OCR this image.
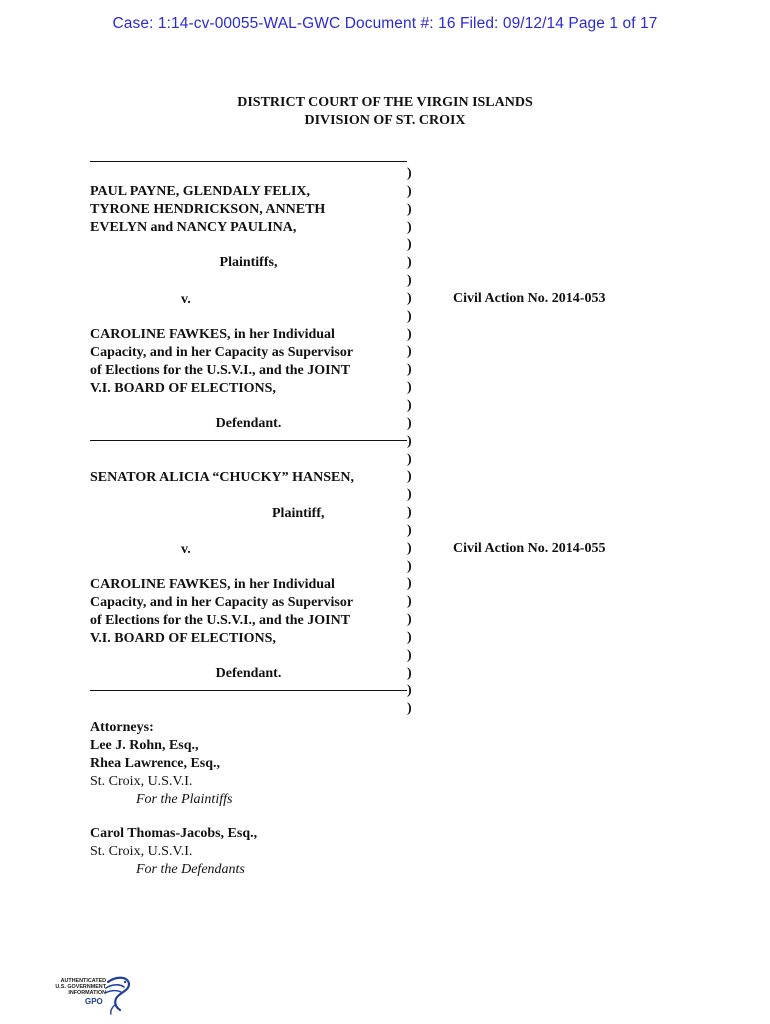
Case: 1:14-cv-00055-WAL-GWC Document #: 16 Filed: 09/12/14 Page 1 of 17
DISTRICT COURT OF THE VIRGIN ISLANDS
DIVISION OF ST. CROIX
)
)
)
)
)
)
)
)
)
)
)
)
)
)
)
)
)
)
)
)
)
)
)
)
)
)
)
)
)
)
)
PAUL PAYNE, GLENDALY FELIX,
TYRONE HENDRICKSON, ANNETH
EVELYN and NANCY PAULINA,
Plaintiffs,
v.	Civil Action No. 2014-053
CAROLINE FAWKES, in her Individual
Capacity, and in her Capacity as Supervisor
of Elections for the U.S.V.I., and the JOINT
V.I. BOARD OF ELECTIONS,
Defendant.
SENATOR ALICIA “CHUCKY” HANSEN,
Plaintiff,
v.	Civil Action No. 2014-055
CAROLINE FAWKES, in her Individual
Capacity, and in her Capacity as Supervisor
of Elections for the U.S.V.I., and the JOINT
V.I. BOARD OF ELECTIONS,
Defendant.
Attorneys:
Lee J. Rohn, Esq.,
Rhea Lawrence, Esq.,
St. Croix, U.S.V.I.
For the Plaintiffs
Carol Thomas-Jacobs, Esq.,
St. Croix, U.S.V.I.
For the Defendants
AUTHENTICATED
U.S. GOVERNMENT
INFORMATION
GPO
